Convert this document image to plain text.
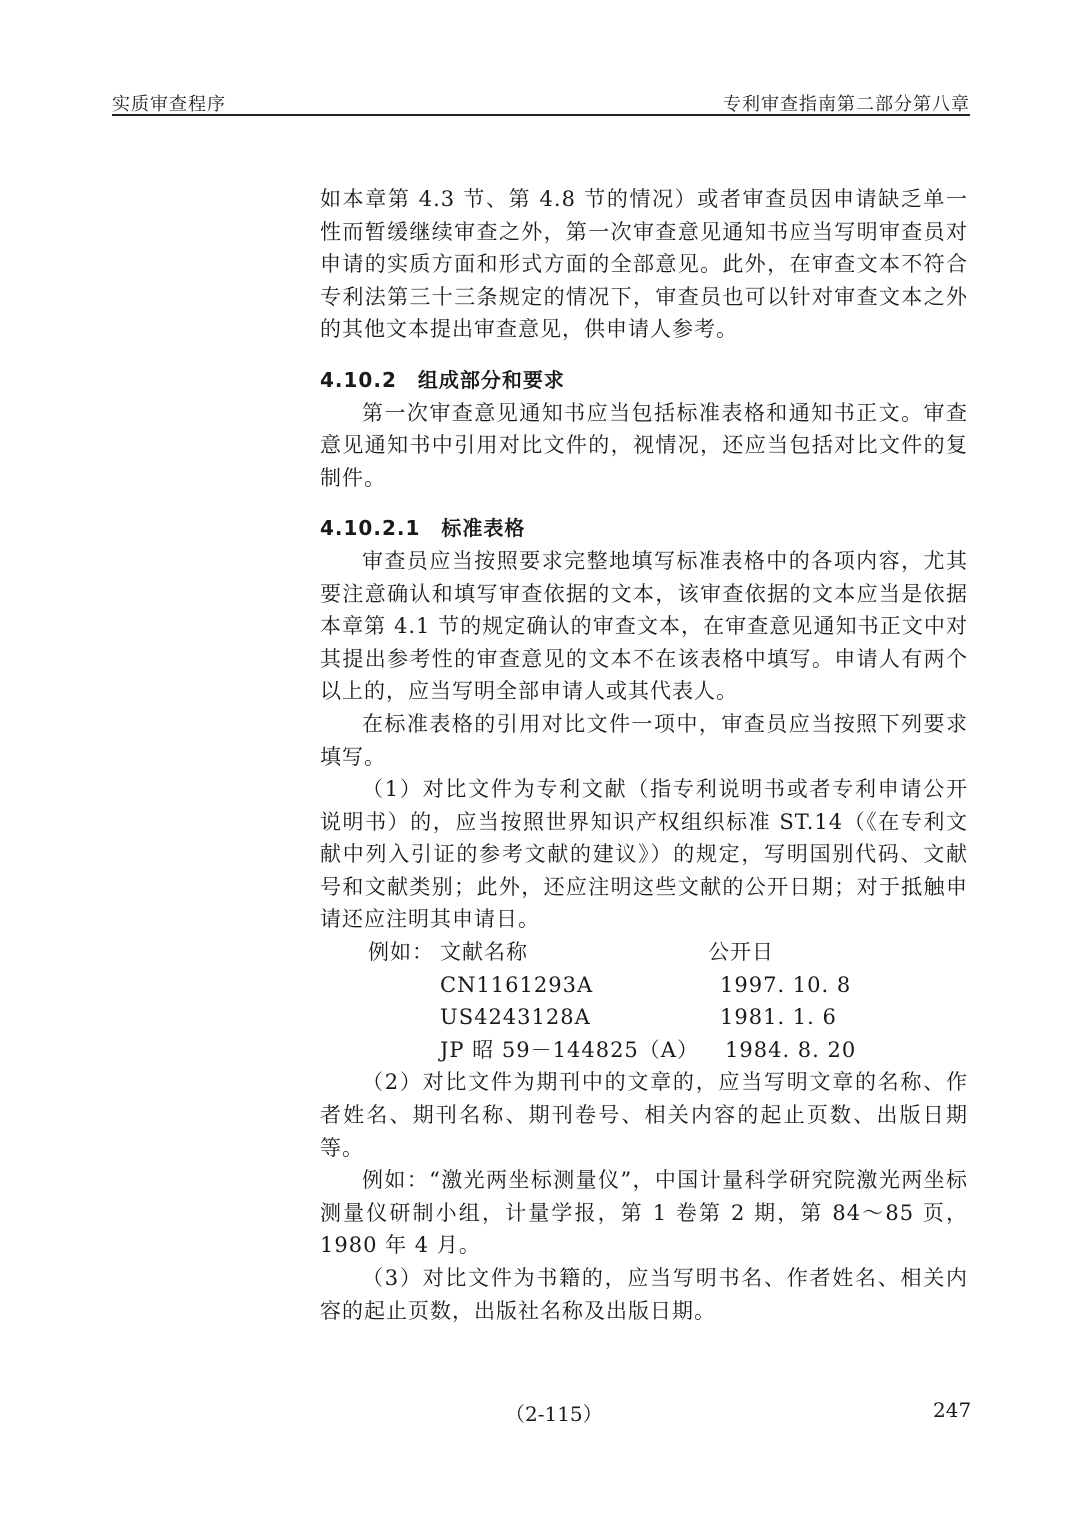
实质审查程序	专利审查指南第二部分第八章

如本章第 4.3 节、第 4.8 节的情况）或者审查员因申请缺乏单一性而暂缓继续审查之外，第一次审查意见通知书应当写明审查员对申请的实质方面和形式方面的全部意见。此外，在审查文本不符合专利法第三十三条规定的情况下，审查员也可以针对审查文本之外的其他文本提出审查意见，供申请人参考。

4.10.2　组成部分和要求

第一次审查意见通知书应当包括标准表格和通知书正文。审查意见通知书中引用对比文件的，视情况，还应当包括对比文件的复制件。

4.10.2.1　标准表格

审查员应当按照要求完整地填写标准表格中的各项内容，尤其要注意确认和填写审查依据的文本，该审查依据的文本应当是依据本章第 4.1 节的规定确认的审查文本，在审查意见通知书正文中对其提出参考性的审查意见的文本不在该表格中填写。申请人有两个以上的，应当写明全部申请人或其代表人。

在标准表格的引用对比文件一项中，审查员应当按照下列要求填写。

（1）对比文件为专利文献（指专利说明书或者专利申请公开说明书）的，应当按照世界知识产权组织标准 ST.14（《在专利文献中列入引证的参考文献的建议》）的规定，写明国别代码、文献号和文献类别；此外，还应注明这些文献的公开日期；对于抵触申请还应注明其申请日。

例如： 文献名称	公开日
CN1161293A	1997. 10. 8
US4243128A	1981. 1. 6
JP 昭 59－144825（A） 1984. 8. 20

（2）对比文件为期刊中的文章的，应当写明文章的名称、作者姓名、期刊名称、期刊卷号、相关内容的起止页数、出版日期等。

例如：“激光两坐标测量仪”，中国计量科学研究院激光两坐标测量仪研制小组，计量学报，第 1 卷第 2 期，第 84～85 页，1980 年 4 月。

（3）对比文件为书籍的，应当写明书名、作者姓名、相关内容的起止页数，出版社名称及出版日期。

（2-115）	247
